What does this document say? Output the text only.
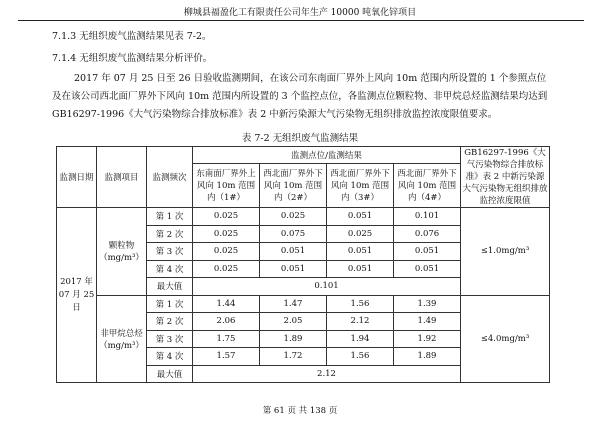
柳城县福盈化工有限责任公司年生产 10000 吨氧化锌项目
7.1.3 无组织废气监测结果见表 7-2。
7.1.4 无组织废气监测结果分析评价。
2017 年 07 月 25 日至 26 日验收监测期间，在该公司东南面厂界外上风向 10m 范围内所设置的 1 个参照点位及在该公司西北面厂界外下风向 10m 范围内所设置的 3 个监控点位，各监测点位颗粒物、非甲烷总烃监测结果均达到 GB16297-1996《大气污染物综合排放标准》表 2 中新污染源大气污染物无组织排放监控浓度限值要求。
表 7-2 无组织废气监测结果
监测日期	监测项目	监测频次	监测点位/监测结果				GB16297-1996《大气污染物综合排放标准》表 2 中新污染源大气污染物无组织排放监控浓度限值
			东南面厂界外上风向 10m 范围内（1#）	西北面厂界外下风向 10m 范围内（2#）	西北面厂界外下风向 10m 范围内（3#）	西北面厂界外下风向 10m 范围内（4#）	
2017 年 07 月 25 日	颗粒物（mg/m³）	第 1 次	0.025	0.025	0.051	0.101	≤1.0mg/m³
		第 2 次	0.025	0.075	0.025	0.076	
		第 3 次	0.025	0.051	0.051	0.051	
		第 4 次	0.025	0.051	0.051	0.051	
		最大值	0.101				
	非甲烷总烃（mg/m³）	第 1 次	1.44	1.47	1.56	1.39	≤4.0mg/m³
		第 2 次	2.06	2.05	2.12	1.49	
		第 3 次	1.75	1.89	1.94	1.92	
		第 4 次	1.57	1.72	1.56	1.89	
		最大值	2.12				
第 61 页 共 138 页
